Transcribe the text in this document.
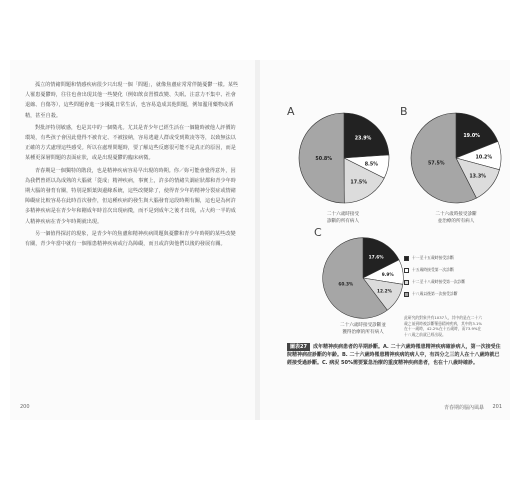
孤立的情緒問題和情感疾病很少只出現一個「問題」，就像焦慮症常常伴隨憂鬱一樣。某些人罹患憂鬱時，往往也會出現其他一些變化（例如飲食習慣改變、失眠、注意力不集中、社會退縮、自傷等），這些問題會進一步擾亂日常生活，也容易造成其他問題，例如濫用藥物或酒精，甚至自殺。

對批評特別敏感，也是其中的一個徵兆。尤其是青少年已經生活在一個隨時被他人評價的環境，有些孩子會因此覺得不被肯定、不被接納，容易逃避人群或受到欺凌等等，以致無法以正確的方式處理這些感受。所以在處理問題時，要了解這些反應很可能不是真正的原因，而是某種更深層問題的表面症狀，或是出現憂鬱的臨床病徵。

青春期是一個獨特的階段，也是精神疾病容易早出現的時期。你／妳可能會覺得意外，因為我們曾經以為成熟的大腦就「從成」精神疾病，事實上，許多的情緒失調症狀都和青少年時期大腦的發育有關，特別是額葉與邊緣系統，這些改變除了，使得青少年的精神分裂症或情緒障礙症比較容易在此時首次發作，但這種疾病的發生與大腦發育這段時期有關，這也是為何許多精神疾病是在青少年和剛成年時首次出現病徵，而不是到成年之後才出現，占大約一半的成人精神疾病在青少年時期就出現。

另一個值得探討的現象，是青少年的焦慮和精神疾病問題與憂鬱和青少年時期的某些改變有關，青少年當中就有一個罹患精神疾病或行為障礙，而且或許與他們以後的發展有關。

200	青春期的腦內風暴 201
A
23.9%
8.5%
17.5%
50.8%
二十六歲時接受
診斷的所有病人
B
19.0%
10.2%
13.3%
57.5%
二十六歲時接受診斷
並治療的所有病人
C
17.6%
9.9%
12.2%
60.3%
二十六歲時接受診斷並
獲得治療的所有病人
十一至十五歲時接受診斷
十五歲時接受第一次診斷
十二至十八歲時接受第一次診斷
十八歲以後第一次接受診斷
此研究的對象共有1037人，其中的是在二十六歲之前到時被診斷罹患精神疾病，其中的3.1%在十一歲時，42.2%在十五歲時，而73.9%在十八歲之前就已經出現。
圖表27 成年精神疾病患者的早期診斷。A. 二十六歲時罹患精神疾病確診病人，第一次接受住院精神病症診斷的年齡。B. 二十六歲時罹患精神疾病的病人中，有四分之三的人在十八歲時就已經接受過診斷。C. 病況 50%需要緊急治療的重度精神疾病患者，也在十八歲時確診。
